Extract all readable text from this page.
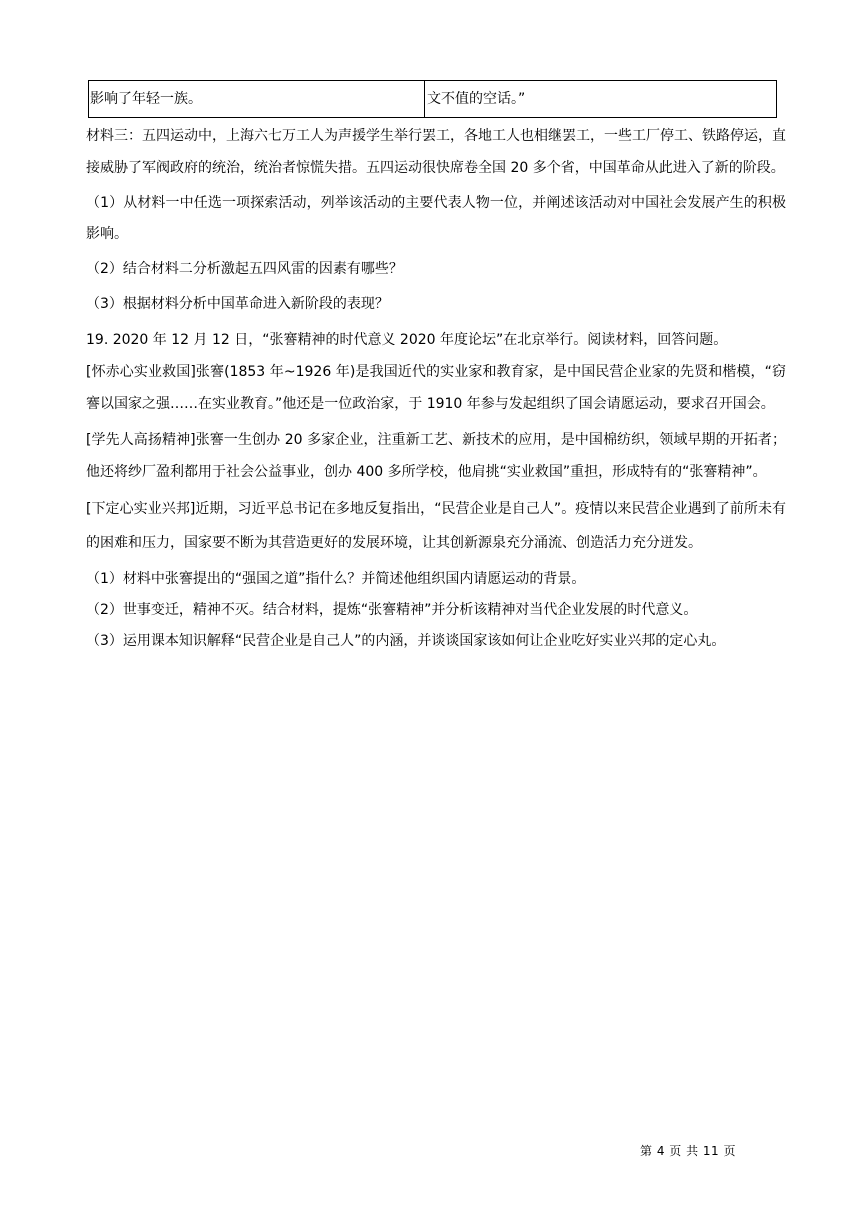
影响了年轻一族。	文不值的空话。”

材料三：五四运动中，上海六七万工人为声援学生举行罢工，各地工人也相继罢工，一些工厂停工、铁路停运，直接威胁了军阀政府的统治，统治者惊慌失措。五四运动很快席卷全国 20 多个省，中国革命从此进入了新的阶段。

（1）从材料一中任选一项探索活动，列举该活动的主要代表人物一位，并阐述该活动对中国社会发展产生的积极影响。

（2）结合材料二分析激起五四风雷的因素有哪些？

（3）根据材料分析中国革命进入新阶段的表现？

19. 2020 年 12 月 12 日，“张謇精神的时代意义 2020 年度论坛”在北京举行。阅读材料，回答问题。

[怀赤心实业救国]张謇(1853 年~1926 年)是我国近代的实业家和教育家，是中国民营企业家的先贤和楷模，“窃謇以国家之强……在实业教育。”他还是一位政治家，于 1910 年参与发起组织了国会请愿运动，要求召开国会。

[学先人高扬精神]张謇一生创办 20 多家企业，注重新工艺、新技术的应用，是中国棉纺织，领域早期的开拓者；他还将纱厂盈利都用于社会公益事业，创办 400 多所学校，他肩挑“实业救国”重担，形成特有的“张謇精神”。

[下定心实业兴邦]近期，习近平总书记在多地反复指出，“民营企业是自己人”。疫情以来民营企业遇到了前所未有的困难和压力，国家要不断为其营造更好的发展环境，让其创新源泉充分涌流、创造活力充分迸发。

（1）材料中张謇提出的“强国之道”指什么？并简述他组织国内请愿运动的背景。

（2）世事变迁，精神不灭。结合材料，提炼“张謇精神”并分析该精神对当代企业发展的时代意义。

（3）运用课本知识解释“民营企业是自己人”的内涵，并谈谈国家该如何让企业吃好实业兴邦的定心丸。

第 4 页 共 11 页
